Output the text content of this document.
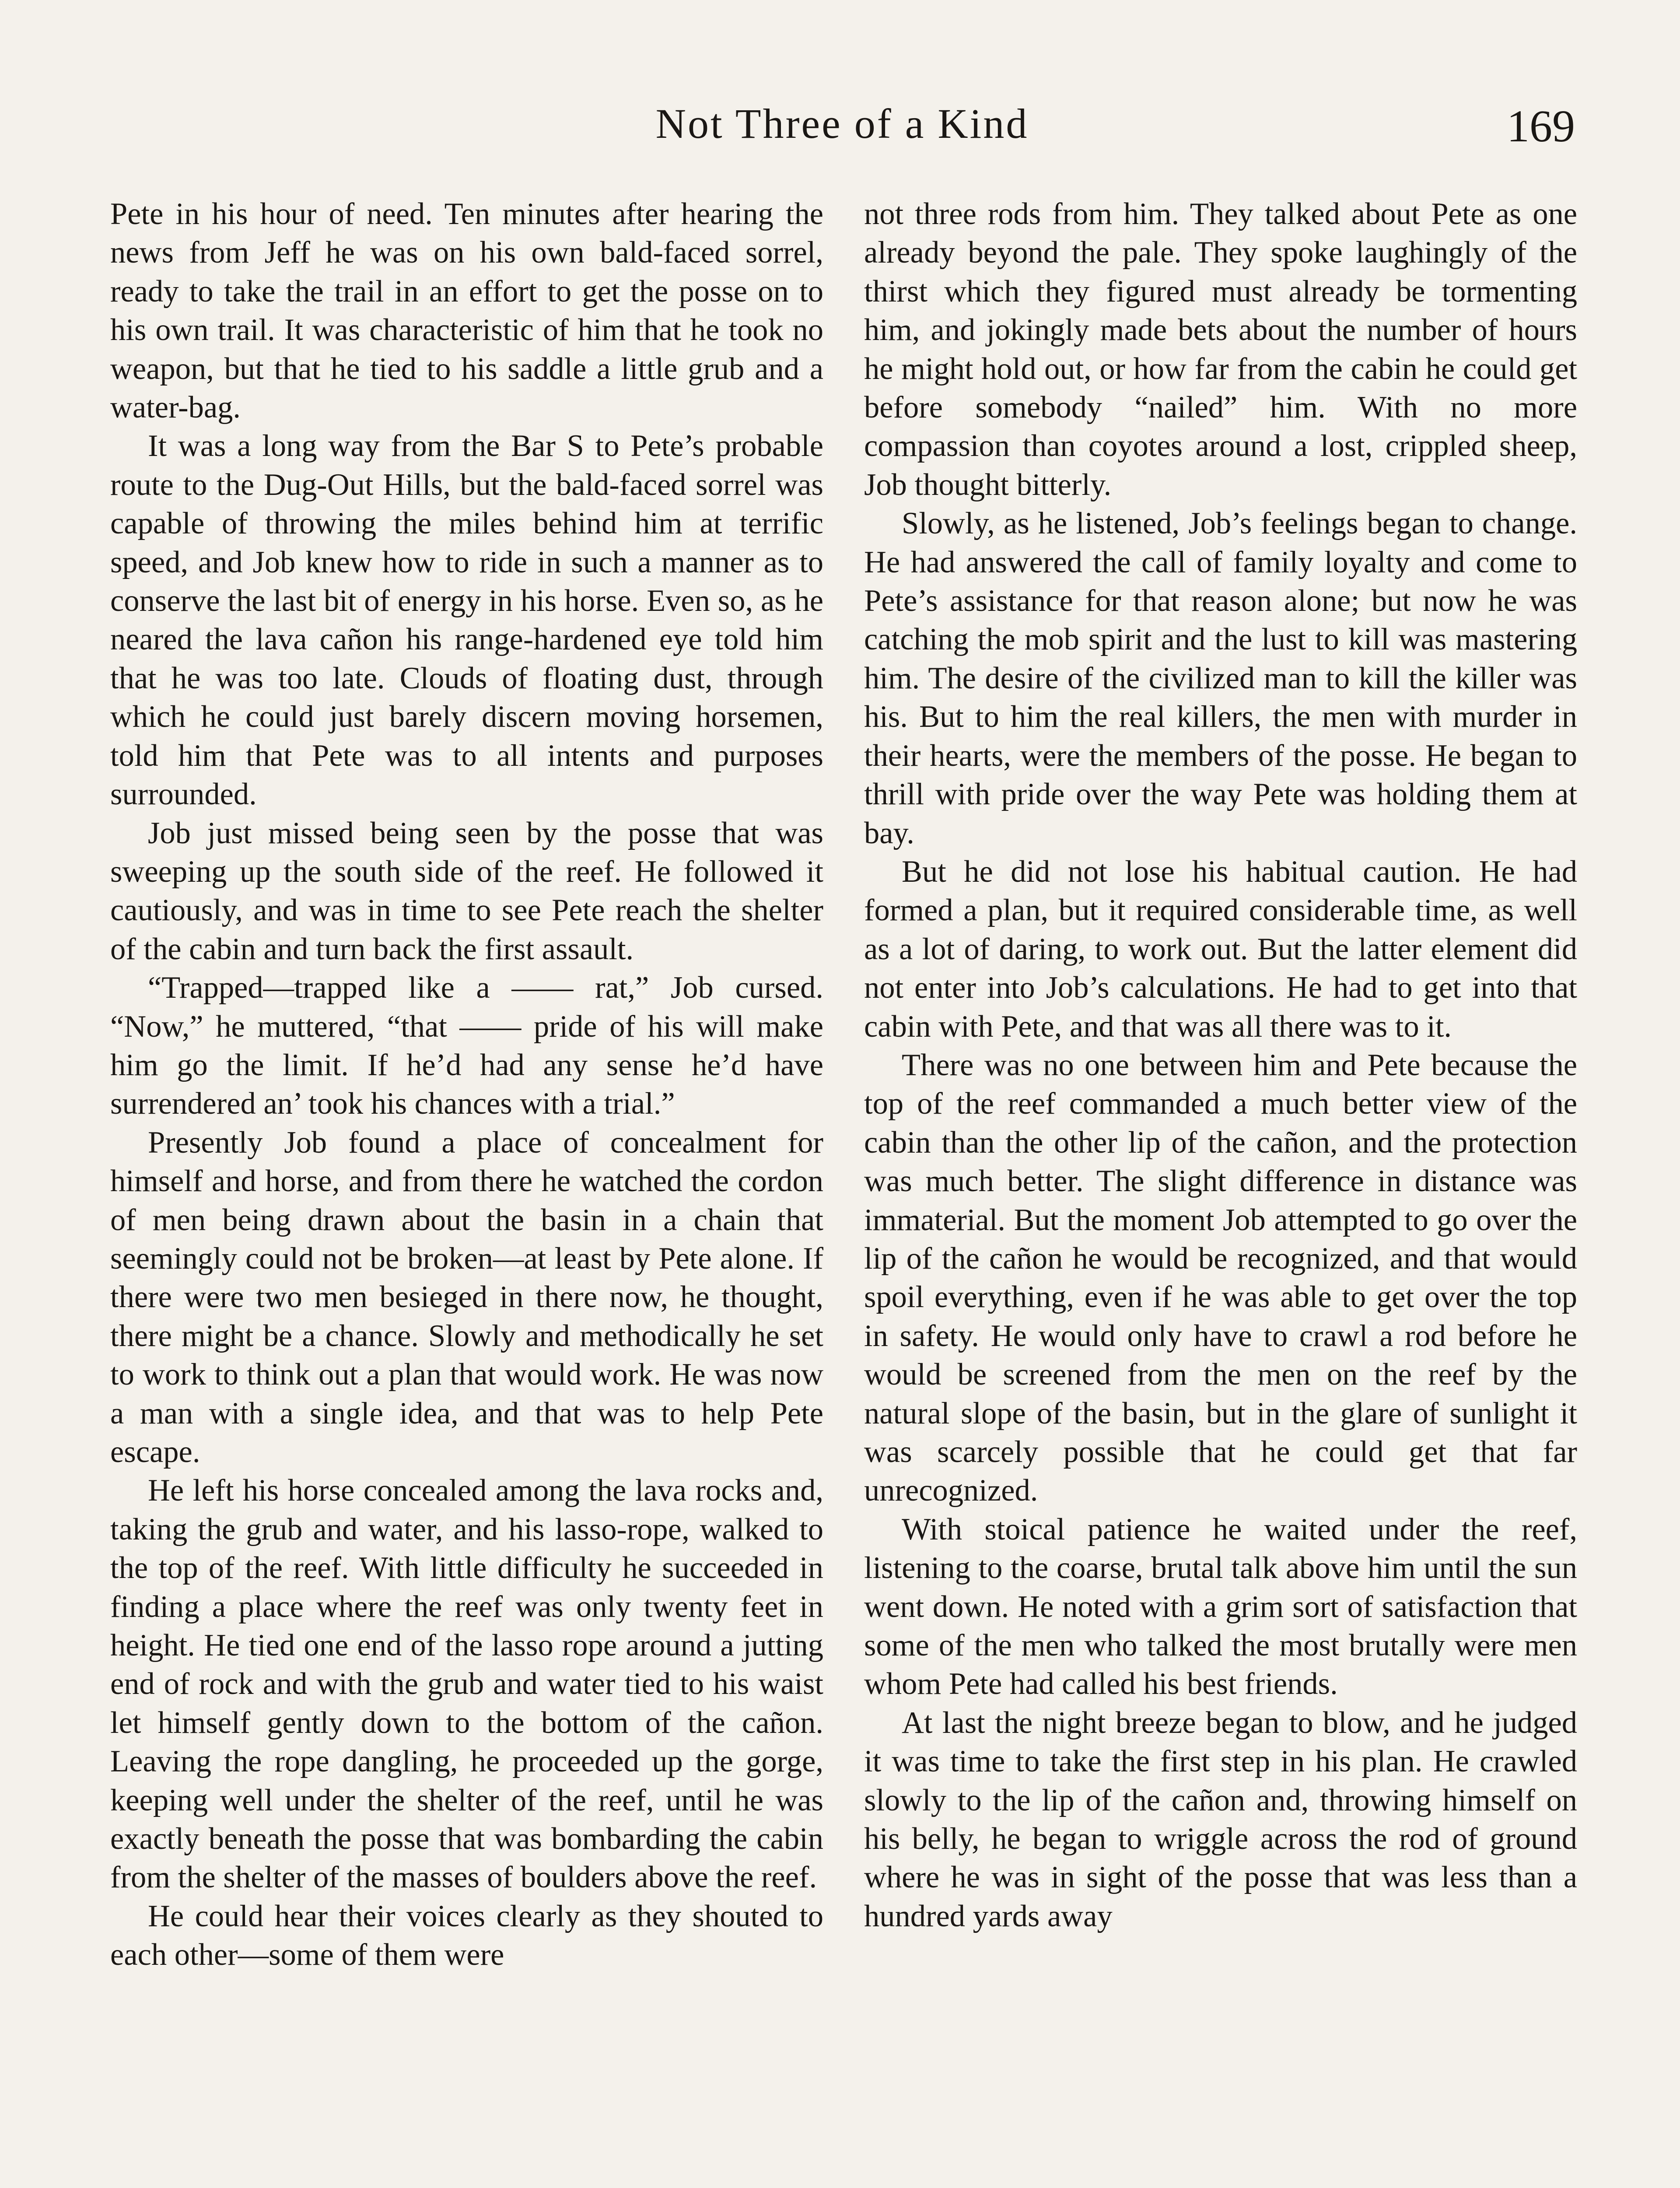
Not Three of a Kind	169

Pete in his hour of need. Ten minutes after hearing the news from Jeff he was on his own bald-faced sorrel, ready to take the trail in an effort to get the posse on to his own trail. It was characteristic of him that he took no weapon, but that he tied to his saddle a little grub and a water-bag.

It was a long way from the Bar S to Pete’s probable route to the Dug-Out Hills, but the bald-faced sorrel was capable of throwing the miles behind him at terrific speed, and Job knew how to ride in such a manner as to conserve the last bit of energy in his horse. Even so, as he neared the lava cañon his range-hardened eye told him that he was too late. Clouds of floating dust, through which he could just barely discern moving horsemen, told him that Pete was to all intents and purposes surrounded.

Job just missed being seen by the posse that was sweeping up the south side of the reef. He followed it cautiously, and was in time to see Pete reach the shelter of the cabin and turn back the first assault.

“Trapped—trapped like a —— rat,” Job cursed. “Now,” he muttered, “that —— pride of his will make him go the limit. If he’d had any sense he’d have surrendered an’ took his chances with a trial.”

Presently Job found a place of concealment for himself and horse, and from there he watched the cordon of men being drawn about the basin in a chain that seemingly could not be broken—at least by Pete alone. If there were two men besieged in there now, he thought, there might be a chance. Slowly and methodically he set to work to think out a plan that would work. He was now a man with a single idea, and that was to help Pete escape.

He left his horse concealed among the lava rocks and, taking the grub and water, and his lasso-rope, walked to the top of the reef. With little difficulty he succeeded in finding a place where the reef was only twenty feet in height. He tied one end of the lasso rope around a jutting end of rock and with the grub and water tied to his waist let himself gently down to the bottom of the cañon. Leaving the rope dangling, he proceeded up the gorge, keeping well under the shelter of the reef, until he was exactly beneath the posse that was bombarding the cabin from the shelter of the masses of boulders above the reef.

He could hear their voices clearly as they shouted to each other—some of them were

not three rods from him. They talked about Pete as one already beyond the pale. They spoke laughingly of the thirst which they figured must already be tormenting him, and jokingly made bets about the number of hours he might hold out, or how far from the cabin he could get before somebody “nailed” him. With no more compassion than coyotes around a lost, crippled sheep, Job thought bitterly.

Slowly, as he listened, Job’s feelings began to change. He had answered the call of family loyalty and come to Pete’s assistance for that reason alone; but now he was catching the mob spirit and the lust to kill was mastering him. The desire of the civilized man to kill the killer was his. But to him the real killers, the men with murder in their hearts, were the members of the posse. He began to thrill with pride over the way Pete was holding them at bay.

But he did not lose his habitual caution. He had formed a plan, but it required considerable time, as well as a lot of daring, to work out. But the latter element did not enter into Job’s calculations. He had to get into that cabin with Pete, and that was all there was to it.

There was no one between him and Pete because the top of the reef commanded a much better view of the cabin than the other lip of the cañon, and the protection was much better. The slight difference in distance was immaterial. But the moment Job attempted to go over the lip of the cañon he would be recognized, and that would spoil everything, even if he was able to get over the top in safety. He would only have to crawl a rod before he would be screened from the men on the reef by the natural slope of the basin, but in the glare of sunlight it was scarcely possible that he could get that far unrecognized.

With stoical patience he waited under the reef, listening to the coarse, brutal talk above him until the sun went down. He noted with a grim sort of satisfaction that some of the men who talked the most brutally were men whom Pete had called his best friends.

At last the night breeze began to blow, and he judged it was time to take the first step in his plan. He crawled slowly to the lip of the cañon and, throwing himself on his belly, he began to wriggle across the rod of ground where he was in sight of the posse that was less than a hundred yards away
